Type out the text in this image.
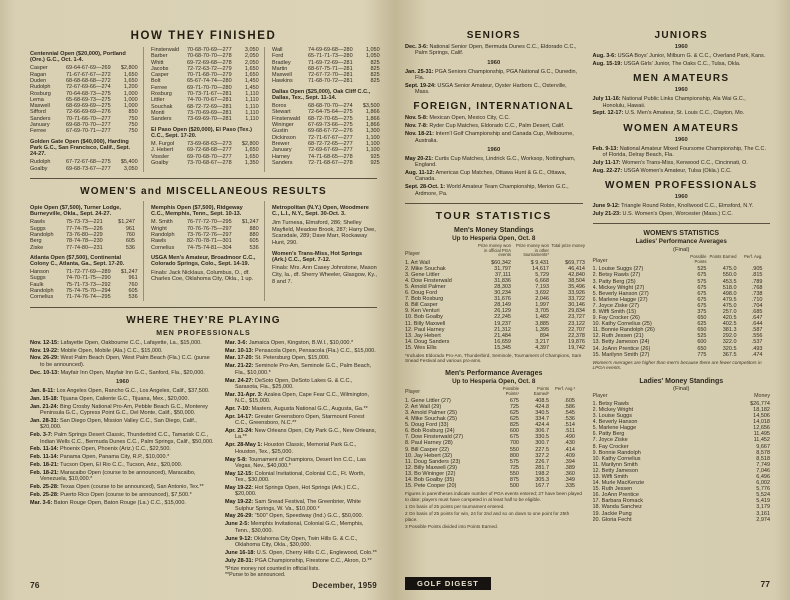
HOW THEY FINISHED
Centennial Open ($20,000), Portland (Ore.) G.C., Oct. 1-4.
Casper	69-64-67-69—269	$2,800
Ragan	71-67-67-67—272	1,650
Duden	68-68-68-68—272	1,650
Rudolph	72-67-69-66—274	1,200
Rosburg	70-64-68-73—275	1,000
Lema	65-68-69-73—275	1,000
Maxwell	68-69-69-69—275	1,000
Sifford	72-66-69-69—276	850
Sanders	70-71-66-70—277	750
January	69-68-70-70—277	750
Ferree	67-69-70-71—277	750
Golden Gate Open ($40,000), Harding Park G.C., San Francisco, Calif., Sept. 24-27.
Rudolph	67-72-67-68—275	$5,400
Goalby	69-68-73-67—277	3,050
Finsterwald	70-68-70-69—277	3,050
Barber	70-68-70-70—278	2,050
Whitt	69-72-69-68—278	2,050
Jacobs	72-72-63-72—279	1,650
Casper	70-71-68-70—279	1,650
Bolt	65-67-74-74—280	1,450
Ferree	69-71-70-70—280	1,450
Rosburg	70-73-71-67—281	1,110
Littler	74-70-70-67—281	1,110
Souchak	68-72-72-69—281	1,110
Monti	73-70-69-69—281	1,110
Sanders	73-69-69-70—281	1,110
El Paso Open ($20,000), El Paso (Tex.) C.C., Sept. 17-20.
M. Furgol	73-69-68-63—273	$2,800
J. Hebert	69-72-68-68—277	1,650
Vossler	69-70-68-70—277	1,650
Goalby	73-70-68-67—278	1,350
Wall	74-69-69-68—280	1,050
Ford	65-71-71-73—280	1,050
Bradley	71-69-72-69—281	825
Martin	68-67-75-71—281	825
Maxwell	72-67-72-70—281	825
Hawkins	71-68-70-72—281	825
Dallas Open ($25,000), Oak Cliff C.C., Dallas, Tex., Sept. 11-14.
Boros	68-68-70-70—274	$3,500
Stewart	72-64-75-64—275	1,866
Finsterwald	68-72-70-65—275	1,866
Wininger	67-69-73-66—275	1,866
Gustin	69-68-67-72—276	1,300
Dickinson	72-71-67-67—277	1,100
Brewer	68-72-72-65—277	1,100
January	72-69-67-69—277	1,100
Harney	74-71-68-65—278	925
Sanders	72-71-68-67—278	925
WOMEN'S and MISCELLANEOUS RESULTS
Opie Open ($7,500), Turner Lodge, Burneyville, Okla., Sept. 24-27.
Rawls	75-73-73—221	$1,247
Suggs	77-74-75—226	961
Randolph	73-76-80—229	760
Berg	78-74-78—230	605
Ziske	77-74-80—231	536
Atlanta Open ($7,500), Continental Colony C., Atlanta, Ga., Sept. 17-20.
Hanson	71-72-77-69—289	$1,247
Suggs	74-70-71-75—290	961
Faulk	75-71-73-73—292	760
Randolph	75-74-75-70—294	605
Cornelius	71-74-76-74—295	536
Memphis Open ($7,500), Ridgeway C.C., Memphis, Tenn., Sept. 10-13.
M. Smith	76-77-72-70—295	$1,247
Wright	70-76-76-75—297	880
Randolph	73-76-72-76—297	880
Rawls	82-70-78-71—301	605
Cornelius	74-75-74-81—304	536
USGA Men's Amateur, Broadmoor C.C., Colorado Springs, Colo., Sept. 14-19.
Finals: Jack Nicklaus, Columbus, O., df. Charles Coe, Oklahoma City, Okla., 1 up.
Metropolitan (N.Y.) Open, Woodmere C., L.I., N.Y., Sept. 30-Oct. 3.
Jim Turnesa, Elmsford, 286; Shelley Mayfield, Meadow Brook, 287; Harry Dee, Scarsdale, 289; Dave Marr, Rockaway Hunt, 290.
Women's Trans-Miss, Hot Springs (Ark.) C.C., Sept. 7-12.
Finals: Mrs. Ann Casey Johnstone, Mason City, Ia., df. Sherry Wheeler, Glasgow, Ky., 8 and 7.
WHERE THEY'RE PLAYING
MEN PROFESSIONALS
Nov. 12-15: Lafayette Open, Oakbourne C.C., Lafayette, La., $15,000.
Nov. 19-22: Mobile Open, Mobile (Ala.) C.C., $15,000.
Nov. 26-29: West Palm Beach Open, West Palm Beach (Fla.) C.C. (purse to be announced).
Dec. 10-13: Mayfair Inn Open, Mayfair Inn G.C., Sanford, Fla., $20,000.
1960
Jan. 8-11: Los Angeles Open, Rancho G.C., Los Angeles, Calif., $37,500.
Jan. 15-18: Tijuana Open, Caliente G.C., Tijuana, Mex., $20,000.
Jan. 21-24: Bing Crosby National Pro-Am, Pebble Beach G.C., Monterey Peninsula G.C., Cypress Point G.C., Del Monte, Calif., $50,000.
Jan. 28-31: San Diego Open, Mission Valley C.C., San Diego, Calif., $20,000.
Feb. 3-7: Palm Springs Desert Classic, Thunderbird C.C., Tamarisk C.C., Indian Wells C.C., Bermuda Dunes C.C., Palm Springs, Calif., $50,000.
Feb. 11-14: Phoenix Open, Phoenix (Ariz.) C.C., $22,500.
Feb. 11-14: Panama Open, Panama City, R.P., $10,000.*
Feb. 18-21: Tucson Open, El Rio C.C., Tucson, Ariz., $20,000.
Feb. 18-21: Maracaibo Open (course to be announced), Maracaibo, Venezuela, $10,000.*
Feb. 25-28: Texas Open (course to be announced), San Antonio, Tex.**
Feb. 25-28: Puerto Rico Open (course to be announced), $7,500.*
Mar. 3-6: Baton Rouge Open, Baton Rouge (La.) C.C., $15,000.
Mar. 3-6: Jamaica Open, Kingston, B.W.I., $10,000.*
Mar. 10-13: Pensacola Open, Pensacola (Fla.) C.C., $15,000.
Mar. 17-20: St. Petersburg Open, $15,000.
Mar. 21-22: Seminole Pro-Am, Seminole G.C., Palm Beach, Fla., $10,000.*
Mar. 24-27: DeSoto Open, DeSoto Lakes G. & C.C., Sarasota, Fla., $25,000.
Mar. 31-Apr. 3: Azalea Open, Cape Fear C.C., Wilmington, N.C., $15,000.
Apr. 7-10: Masters, Augusta National G.C., Augusta, Ga.**
Apr. 14-17: Greater Greensboro Open, Starmount Forest C.C., Greensboro, N.C.**
Apr. 21-24: New Orleans Open, City Park G.C., New Orleans, La.**
Apr. 28-May 1: Houston Classic, Memorial Park G.C., Houston, Tex., $25,000.
May 5-8: Tournament of Champions, Desert Inn C.C., Las Vegas, Nev., $40,000.*
May 12-15: Colonial Invitational, Colonial C.C., Ft. Worth, Tex., $30,000.
May 19-22: Hot Springs Open, Hot Springs (Ark.) C.C., $20,000.
May 19-22: Sam Snead Festival, The Greenbrier, White Sulphur Springs, W. Va., $10,000.*
May 26-29: "500" Open, Speedway (Ind.) G.C., $50,000.
June 2-5: Memphis Invitational, Colonial G.C., Memphis, Tenn., $30,000.
June 9-12: Oklahoma City Open, Twin Hills G. & C.C., Oklahoma City, Okla., $30,000.
June 16-18: U.S. Open, Cherry Hills C.C., Englewood, Colo.**
July 28-31: PGA Championship, Firestone C.C., Akron, O.**
*Prize money not counted in official lists.
**Purse to be announced.
76	December, 1959
SENIORS
Dec. 3-6: National Senior Open, Bermuda Dunes C.C., Eldorado C.C., Palm Springs, Calif.
1960
Jan. 25-31: PGA Seniors Championship, PGA National G.C., Dunedin, Fla.
Sept. 19-24: USGA Senior Amateur, Oyster Harbors C., Osterville, Mass.
FOREIGN, INTERNATIONAL
Nov. 5-8: Mexican Open, Mexico City, C.C.
Nov. 7-8: Ryder Cup Matches, Eldorado C.C., Palm Desert, Calif.
Nov. 18-21: Intern'l Golf Championship and Canada Cup, Melbourne, Australia.
1960
May 20-21: Curtis Cup Matches, Lindrick G.C., Worksop, Nottingham, England.
Aug. 11-12: Americas Cup Matches, Ottawa Hunt & G.C., Ottawa, Canada.
Sept. 28-Oct. 1: World Amateur Team Championship, Merion G.C., Ardmore, Pa.
TOUR STATISTICS
Men's Money Standings
Up to Hesperia Open, Oct. 8
Player
Prize money won in official PGA events
Prize money won in other tournaments*
Total prize money
1. Art Wall	$60,342	$ 9,431	$69,773
2. Mike Souchak	31,797	14,617	46,414
3. Gene Littler	37,111	5,729	42,840
4. Dow Finsterwald	31,836	6,668	38,504
5. Arnold Palmer	28,303	7,193	35,496
6. Doug Ford	30,234	3,692	33,926
7. Bob Rosburg	31,676	2,046	33,722
8. Bill Casper	28,149	1,997	30,146
9. Ken Venturi	26,129	3,705	29,834
10. Bob Goalby	22,245	1,482	23,727
11. Billy Maxwell	19,237	3,885	23,122
12. Paul Harney	21,312	1,395	22,707
13. Jay Hebert	21,484	894	22,378
14. Doug Sanders	16,659	3,217	19,876
15. Wes Ellis	15,345	4,397	19,742
*Includes Eldorado Pro-Am, Thunderbird, Seminole, Tournament of Champions, Sam Snead Festival and various pro-ams.
Men's Performance Averages
Up to Hesperia Open, Oct. 8
Player
Possible Points¹
Points Earned²
Perf. Avg.³
1. Gene Littler (27)	675	408.5	.605
2. Art Wall (29)	725	424.8	.586
3. Arnold Palmer (25)	625	340.5	.545
4. Mike Souchak (25)	625	334.7	.536
5. Doug Ford (33)	825	424.4	.514
6. Bob Rosburg (24)	600	306.7	.511
7. Dow Finsterwald (27)	675	330.5	.490
8. Paul Harney (28)	700	300.7	.430
9. Bill Casper (22)	550	227.5	.414
10. Jay Hebert (32)	800	327.2	.409
11. Doug Sanders (23)	575	226.7	.394
12. Billy Maxwell (29)	725	281.7	.389
13. Bo Wininger (22)	550	198.2	.360
14. Bob Goalby (35)	875	305.3	.349
15. Pete Cooper (20)	500	167.7	.335
Figures in parentheses indicate number of PGA events entered; 27 have been played to date; players must have competed in at least half to be eligible.
1 On basis of 25 points per tournament entered.
2 On basis of 25 points for win, 24 for 2nd and so on down to one point for 25th place.
3 Possible Points divided into Points Earned.
JUNIORS
1960
Aug. 3-6: USGA Boys' Junior, Milburn G. & C.C., Overland Park, Kans.
Aug. 15-19: USGA Girls' Junior, The Oaks C.C., Tulsa, Okla.
MEN AMATEURS
1960
July 11-16: National Public Links Championship, Ala Wai G.C., Honolulu, Hawaii.
Sept. 12-17: U.S. Men's Amateur, St. Louis C.C., Clayton, Mo.
WOMEN AMATEURS
1960
Feb. 9-13: National Amateur Mixed Foursome Championship, The C.C. of Florida, Delray Beach, Fla.
July 11-17: Women's Trans-Miss, Kenwood C.C., Cincinnati, O.
Aug. 22-27: USGA Women's Amateur, Tulsa (Okla.) C.C.
WOMEN PROFESSIONALS
1960
June 9-12: Triangle Round Robin, Knollwood C.C., Elmsford, N.Y.
July 21-23: U.S. Women's Open, Worcester (Mass.) C.C.
WOMEN'S STATISTICS
Ladies' Performance Averages
(Final)
Player
Possible Points
Points Earned	Perf. Avg.
1. Louise Suggs (27)	525	475.0	.905
2. Betsy Rawls (27)	675	550.0	.815
3. Patty Berg (25)	575	453.5	.789
4. Mickey Wright (27)	675	518.0	.768
5. Beverly Hanson (27)	675	498.0	.738
6. Marlene Hagge (27)	675	479.5	.710
7. Joyce Ziske (27)	675	475.0	.704
8. Wiffi Smith (15)	375	257.0	.685
9. Fay Crocker (26)	650	420.5	.647
10. Kathy Cornelius (25)	625	402.5	.644
11. Bonnie Randolph (26)	650	381.3	.587
12. Ruth Jessen (21)	525	292.0	.556
13. Betty Jameson (24)	600	322.0	.537
14. JoAnn Prentice (26)	650	320.5	.493
15. Marilynn Smith (27)	775	367.5	.474
Women's Averages are higher than men's because there are fewer competitors in LPGA events.
Ladies' Money Standings
(Final)
Player	Money
1. Betsy Rawls	$26,774
2. Mickey Wright	18,182
3. Louise Suggs	14,506
4. Beverly Hanson	14,018
5. Marlene Hagge	12,656
6. Patty Berg	11,495
7. Joyce Ziske	11,452
8. Fay Crocker	9,667
9. Bonnie Randolph	8,578
10. Kathy Cornelius	8,518
11. Marilynn Smith	7,749
12. Betty Jameson	7,046
13. Wiffi Smith	6,496
14. Murle MacKenzie	6,002
15. Ruth Jessen	5,776
16. JoAnn Prentice	5,524
17. Barbara Romack	5,419
18. Wanda Sanchez	3,179
19. Jackie Pung	3,161
20. Gloria Fecht	2,974
GOLF DIGEST	77
